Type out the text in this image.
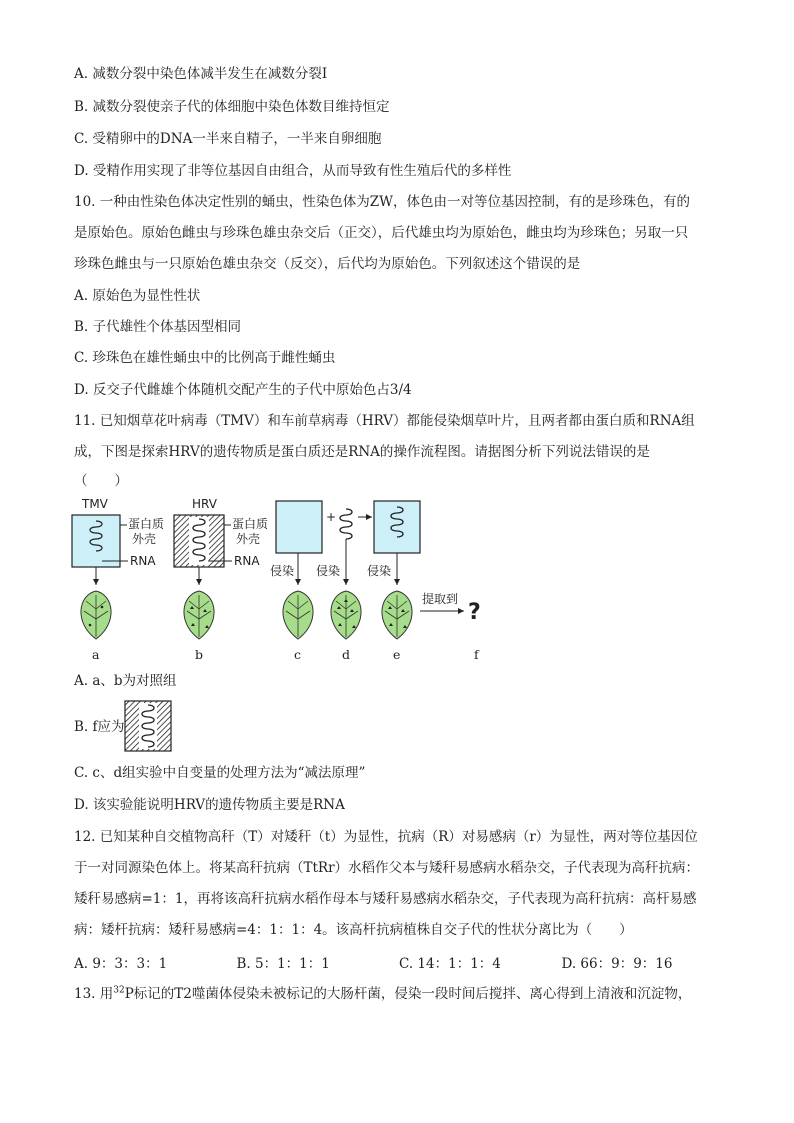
A. 减数分裂中染色体减半发生在减数分裂Ⅰ
B. 减数分裂使亲子代的体细胞中染色体数目维持恒定
C. 受精卵中的DNA一半来自精子，一半来自卵细胞
D. 受精作用实现了非等位基因自由组合，从而导致有性生殖后代的多样性
10. 一种由性染色体决定性别的蛹虫，性染色体为ZW，体色由一对等位基因控制，有的是珍珠色，有的
是原始色。原始色雌虫与珍珠色雄虫杂交后（正交），后代雄虫均为原始色，雌虫均为珍珠色；另取一只
珍珠色雌虫与一只原始色雄虫杂交（反交），后代均为原始色。下列叙述这个错误的是
A. 原始色为显性性状
B. 子代雄性个体基因型相同
C. 珍珠色在雄性蛹虫中的比例高于雌性蛹虫
D. 反交子代雌雄个体随机交配产生的子代中原始色占3/4
11. 已知烟草花叶病毒（TMV）和车前草病毒（HRV）都能侵染烟草叶片，且两者都由蛋白质和RNA组
成，下图是探索HRV的遗传物质是蛋白质还是RNA的操作流程图。请据图分析下列说法错误的是
（　　）
TMV
蛋白质
外壳
RNA
HRV
蛋白质
外壳
RNA
+
侵染 侵染 侵染
提取到
?
a	b	c	d	e	f
A. a、b为对照组
B. f应为
C. c、d组实验中自变量的处理方法为“减法原理”
D. 该实验能说明HRV的遗传物质主要是RNA
12. 已知某种自交植物高秆（T）对矮秆（t）为显性，抗病（R）对易感病（r）为显性，两对等位基因位
于一对同源染色体上。将某高秆抗病（TtRr）水稻作父本与矮秆易感病水稻杂交，子代表现为高秆抗病：
矮秆易感病=1：1，再将该高秆抗病水稻作母本与矮秆易感病水稻杂交，子代表现为高秆抗病：高杆易感
病：矮杆抗病：矮秆易感病=4：1：1：4。该高杆抗病植株自交子代的性状分离比为（　　）
A. 9：3：3：1	B. 5：1：1：1	C. 14：1：1：4	D. 66：9：9：16
13. 用$^{32}$P标记的T2噬菌体侵染未被标记的大肠杆菌，侵染一段时间后搅拌、离心得到上清液和沉淀物，
